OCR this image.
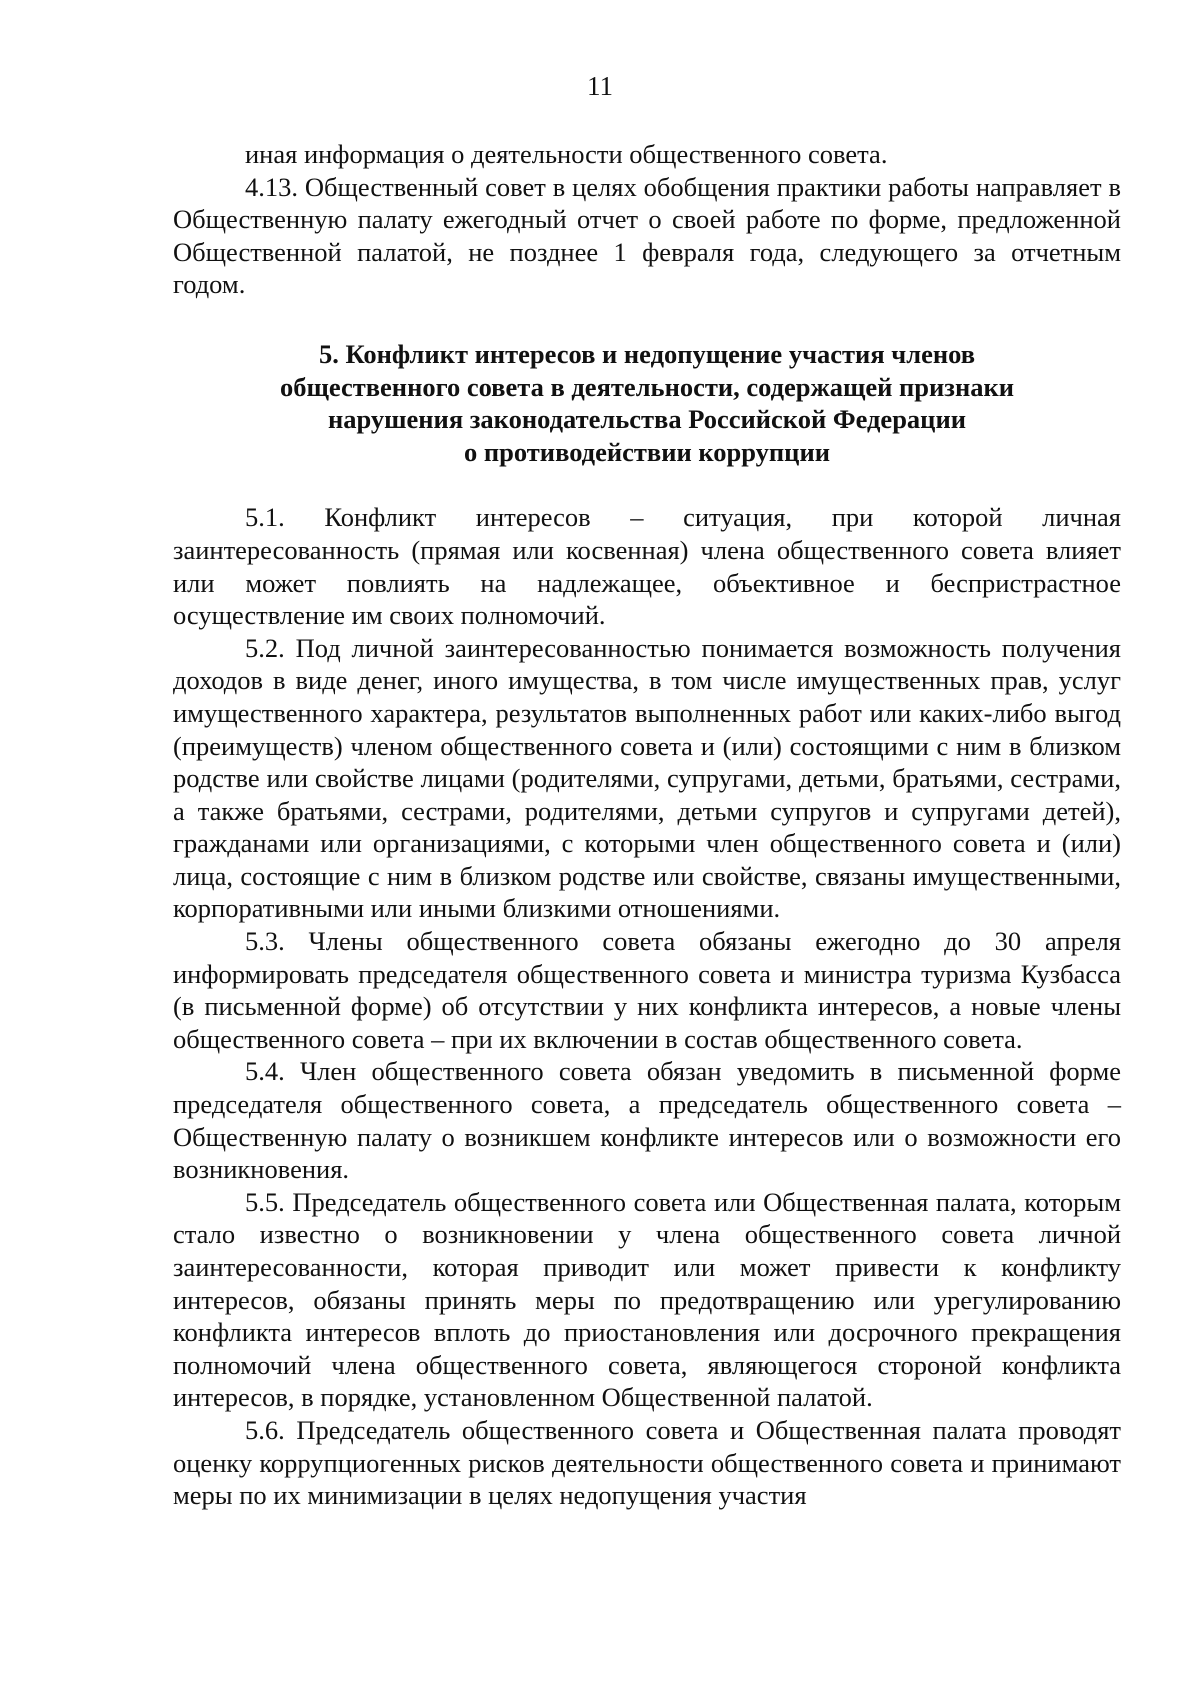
11

иная информация о деятельности общественного совета.

4.13. Общественный совет в целях обобщения практики работы направляет в Общественную палату ежегодный отчет о своей работе по форме, предложенной Общественной палатой, не позднее 1 февраля года, следующего за отчетным годом.

5. Конфликт интересов и недопущение участия членов
общественного совета в деятельности, содержащей признаки
нарушения законодательства Российской Федерации
о противодействии коррупции

5.1. Конфликт интересов – ситуация, при которой личная заинтересованность (прямая или косвенная) члена общественного совета влияет или может повлиять на надлежащее, объективное и беспристрастное осуществление им своих полномочий.

5.2. Под личной заинтересованностью понимается возможность получения доходов в виде денег, иного имущества, в том числе имущественных прав, услуг имущественного характера, результатов выполненных работ или каких-либо выгод (преимуществ) членом общественного совета и (или) состоящими с ним в близком родстве или свойстве лицами (родителями, супругами, детьми, братьями, сестрами, а также братьями, сестрами, родителями, детьми супругов и супругами детей), гражданами или организациями, с которыми член общественного совета и (или) лица, состоящие с ним в близком родстве или свойстве, связаны имущественными, корпоративными или иными близкими отношениями.

5.3. Члены общественного совета обязаны ежегодно до 30 апреля информировать председателя общественного совета и министра туризма Кузбасса (в письменной форме) об отсутствии у них конфликта интересов, а новые члены общественного совета – при их включении в состав общественного совета.

5.4. Член общественного совета обязан уведомить в письменной форме председателя общественного совета, а председатель общественного совета – Общественную палату о возникшем конфликте интересов или о возможности его возникновения.

5.5. Председатель общественного совета или Общественная палата, которым стало известно о возникновении у члена общественного совета личной заинтересованности, которая приводит или может привести к конфликту интересов, обязаны принять меры по предотвращению или урегулированию конфликта интересов вплоть до приостановления или досрочного прекращения полномочий члена общественного совета, являющегося стороной конфликта интересов, в порядке, установленном Общественной палатой.

5.6. Председатель общественного совета и Общественная палата проводят оценку коррупциогенных рисков деятельности общественного совета и принимают меры по их минимизации в целях недопущения участия
